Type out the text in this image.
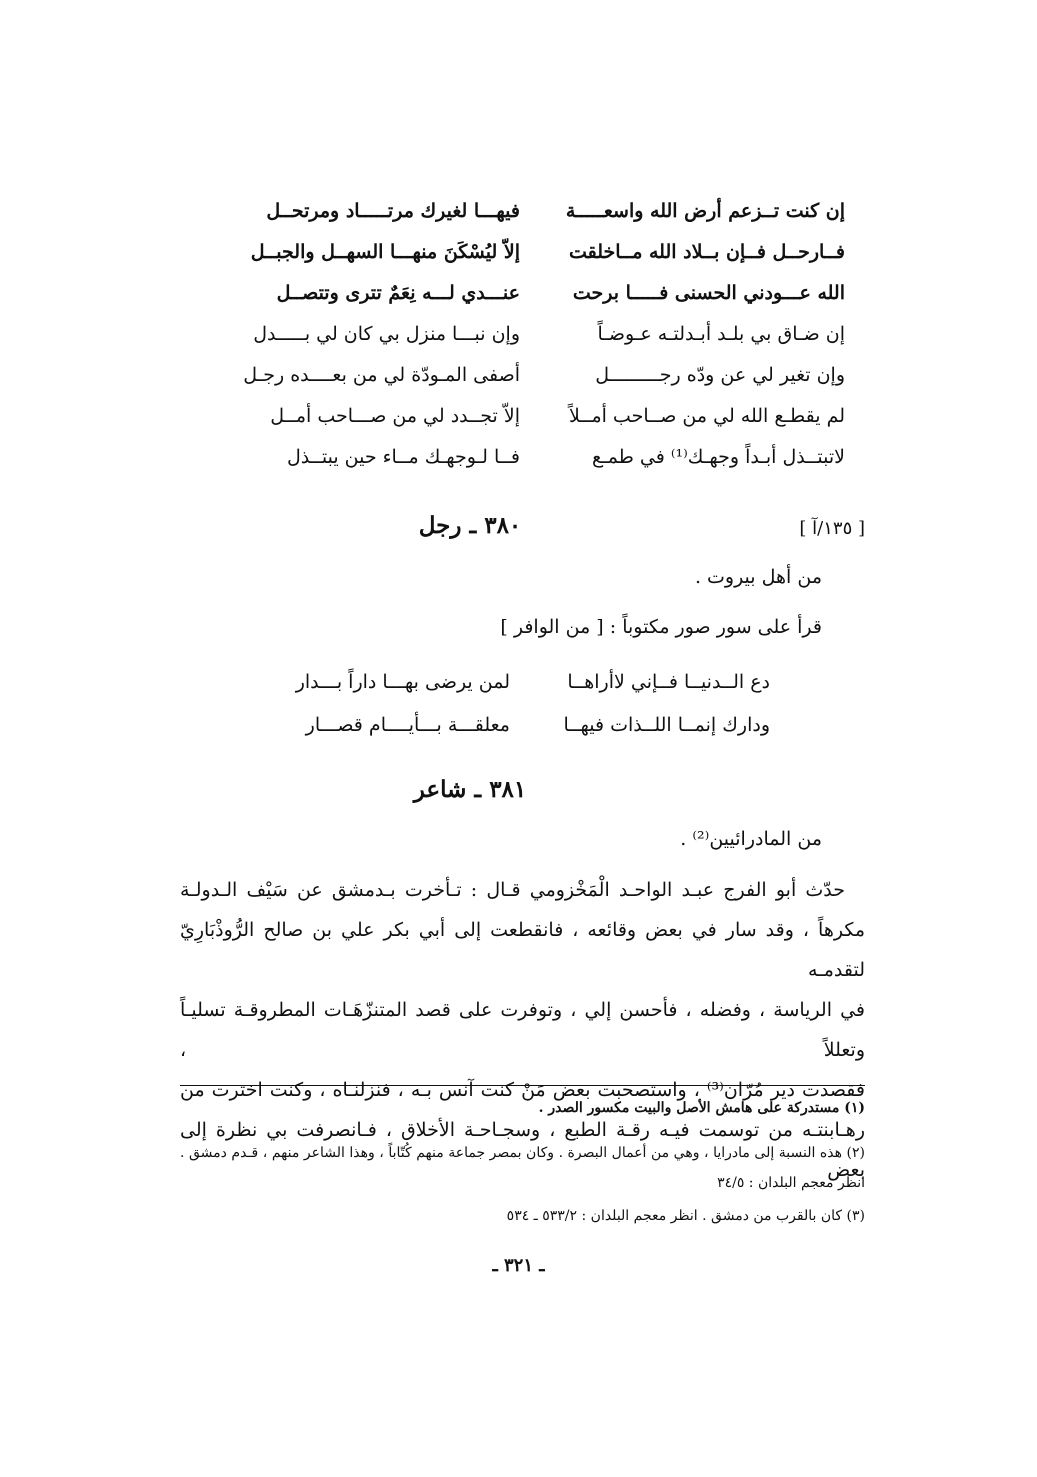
إن كنت تــزعم أرض الله واسعـــــة
فيهـــا لغيرك مرتـــــاد ومرتحــل
فــارحــل فــإن بــلاد الله مــاخلقت
إلاّ ليُسْكَنَ منهـــا السهــل والجبــل
الله عـــودني الحسنى فـــــا برحت
عنـــدي لـــه نِعَمٌ تترى وتتصــل
إن ضـاق بي بلـد أبـدلتـه عـوضـاً
وإن نبـــا منزل بي كان لي بـــــدل
وإن تغير لي عن ودّه رجـــــــــل
أصفى المـودّة لي من بعــــده رجـل
لم يقطـع الله لي من صــاحب أمــلاً
إلاّ تجــدد لي من صـــاحب أمــل
لاتبتــذل أبـداً وجهـك⁽¹⁾ في طمـع
فــا لـوجهـك مــاء حين يبتــذل
[ ١٣٥/آ ]
٣٨٠ ـ رجل
من أهل بيروت .
قرأ على سور صور مكتوباً : [ من الوافر ]
دع الــدنيــا فــإني لاأراهــا
لمن يرضى بهـــا داراً بـــدار
ودارك إنمــا اللــذات فيهــا
معلقـــة بـــأيــــام قصـــار
٣٨١ ـ شاعر
من المادرائيين⁽²⁾ .

حدّث أبو الفرج عبـد الواحـد الْمَخْزومي قـال : تـأخرت بـدمشق عن سَيْف الـدولـة

مكرهاً ، وقد سار في بعض وقائعه ، فانقطعت إلى أبي بكر علي بن صالح الرُّوذْبَارِيّ لتقدمـه

في الرياسة ، وفضله ، فأحسن إلي ، وتوفرت على قصد المتنزّهَـات المطروقـة تسليـاً وتعللاً ،

فقصدت دير مُرّان⁽³⁾ ، واستصحبت بعض مَنْ كنت آنس بـه ، فنزلنـاه ، وكنت اخترت من

رهـابنتـه من توسمت فيـه رقـة الطبع ، وسجـاحـة الأخلاق ، فـانصرفت بي نظرة إلى بعض

(١) مستدركة على هامش الأصل والبيت مكسور الصدر .
(٢) هذه النسبة إلى مادرايا ، وهي من أعمال البصرة . وكان بمصر جماعة منهم كُتّاباً ، وهذا الشاعر منهم ، قـدم دمشق . انظر معجم البلدان : ٣٤/٥
(٣) كان بالقرب من دمشق . انظر معجم البلدان : ٥٣٣/٢ ـ ٥٣٤
ـ ٣٢١ ـ
